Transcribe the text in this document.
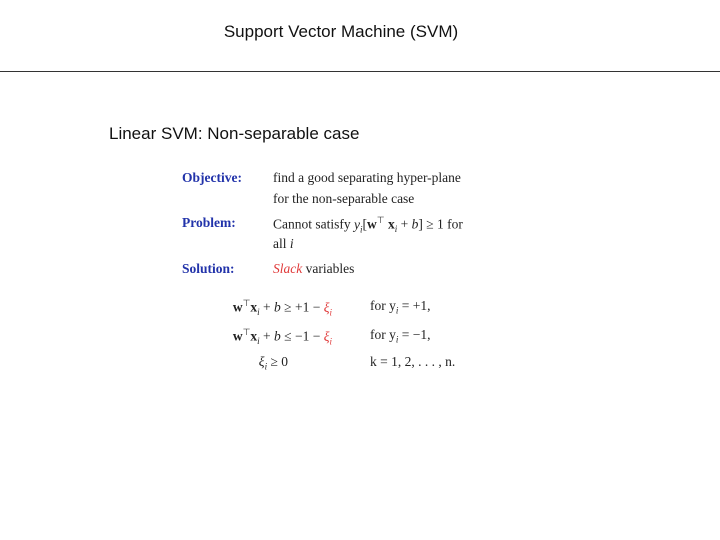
Support Vector Machine (SVM)
Linear SVM: Non-separable case
Objective: find a good separating hyper-plane
for the non-separable case
Problem:	Cannot satisfy $y_i[w^⊤$ $x_i + b] \ge 1$ for
all i
Solution:	Slack variables
$w^⊤x_i + b \ge +1 - \xi_i$	for $y_i = +1$,
$w^⊤x_i + b \le -1 - \xi_i$	for $y_i = -1$,
$\xi_i \ge 0$	k = 1, 2, . . . , n.
